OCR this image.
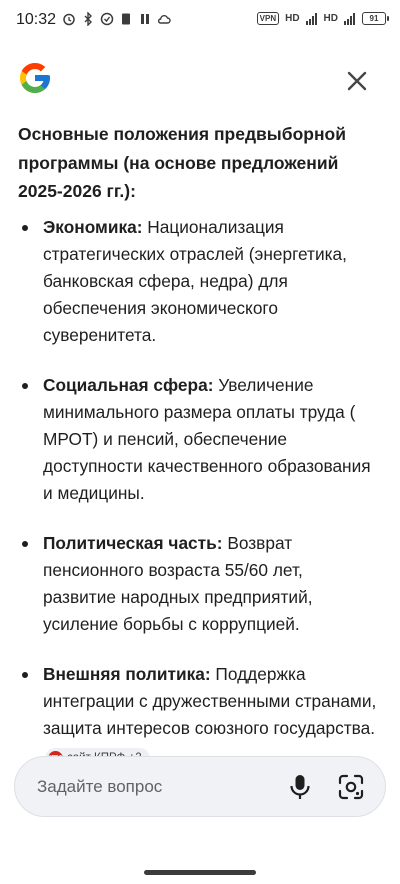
10:32	VPN HD HD	91
Основные положения предвыборной программы (на основе предложений 2025-2026 гг.):
Экономика: Национализация стратегических отраслей (энергетика, банковская сфера, недра) для обеспечения экономического суверенитета.
Социальная сфера: Увеличение минимального размера оплаты труда ( МРОТ) и пенсий, обеспечение доступности качественного образования и медицины.
Политическая часть: Возврат пенсионного возраста 55/60 лет, развитие народных предприятий, усиление борьбы с коррупцией.
Внешняя политика: Поддержка интеграции с дружественными странами, защита интересов союзного государства.
Задайте вопрос
